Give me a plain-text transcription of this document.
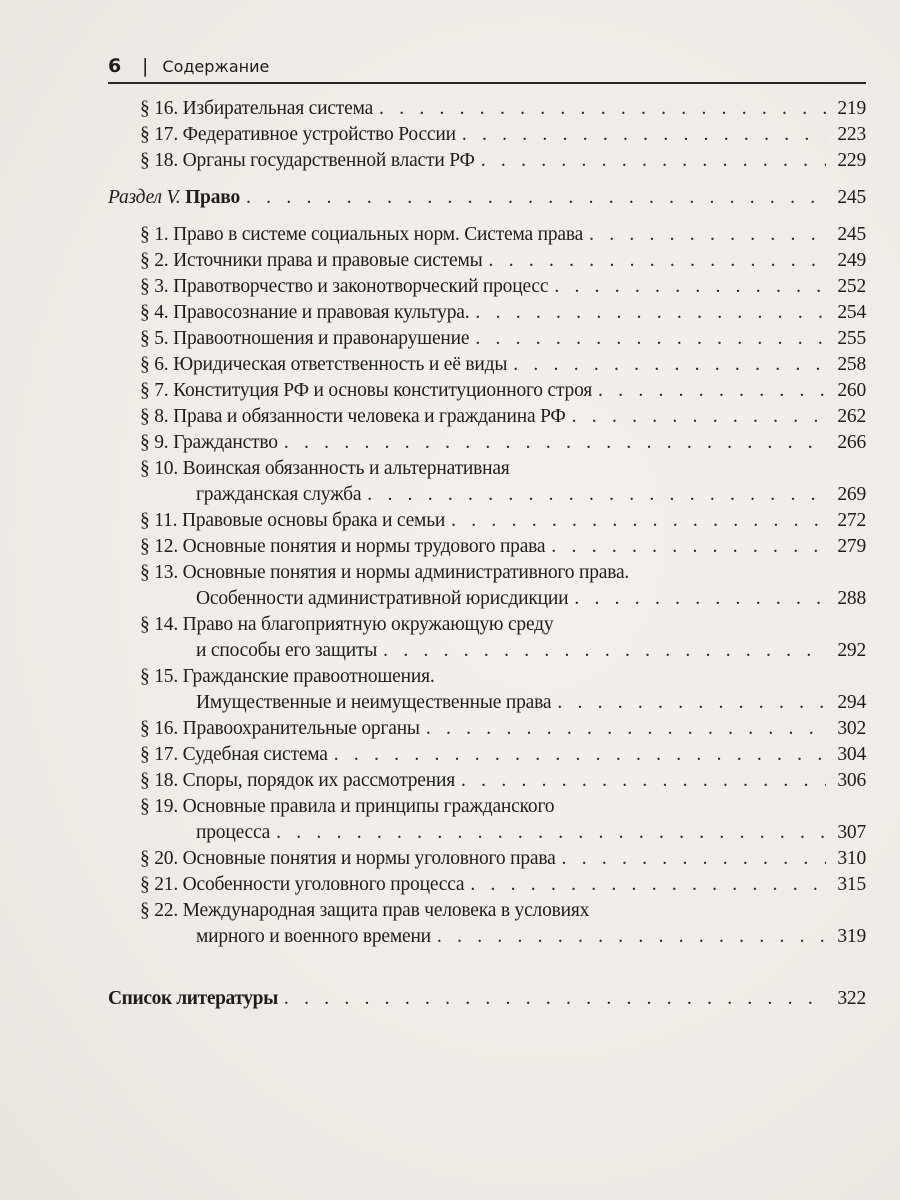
6	| Содержание
§ 16. Избирательная система . . .	219
§ 17. Федеративное устройство России . . .	223
§ 18. Органы государственной власти РФ . . .	229
Раздел V. Право . . .	245
§ 1. Право в системе социальных норм. Система права . . .	245
§ 2. Источники права и правовые системы . . .	249
§ 3. Правотворчество и законотворческий процесс . . .	252
§ 4. Правосознание и правовая культура. . . .	254
§ 5. Правоотношения и правонарушение . . .	255
§ 6. Юридическая ответственность и её виды . . .	258
§ 7. Конституция РФ и основы конституционного строя . . .	260
§ 8. Права и обязанности человека и гражданина РФ . . .	262
§ 9. Гражданство . . .	266
§ 10. Воинская обязанность и альтернативная
гражданская служба . . .	269
§ 11. Правовые основы брака и семьи . . .	272
§ 12. Основные понятия и нормы трудового права . . .	279
§ 13. Основные понятия и нормы административного права.
Особенности административной юрисдикции . . .	288
§ 14. Право на благоприятную окружающую среду
и способы его защиты . . .	292
§ 15. Гражданские правоотношения.
Имущественные и неимущественные права . . .	294
§ 16. Правоохранительные органы . . .	302
§ 17. Судебная система . . .	304
§ 18. Споры, порядок их рассмотрения . . .	306
§ 19. Основные правила и принципы гражданского
процесса . . .	307
§ 20. Основные понятия и нормы уголовного права . . .	310
§ 21. Особенности уголовного процесса . . .	315
§ 22. Международная защита прав человека в условиях
мирного и военного времени . . .	319
Список литературы . . .	322
